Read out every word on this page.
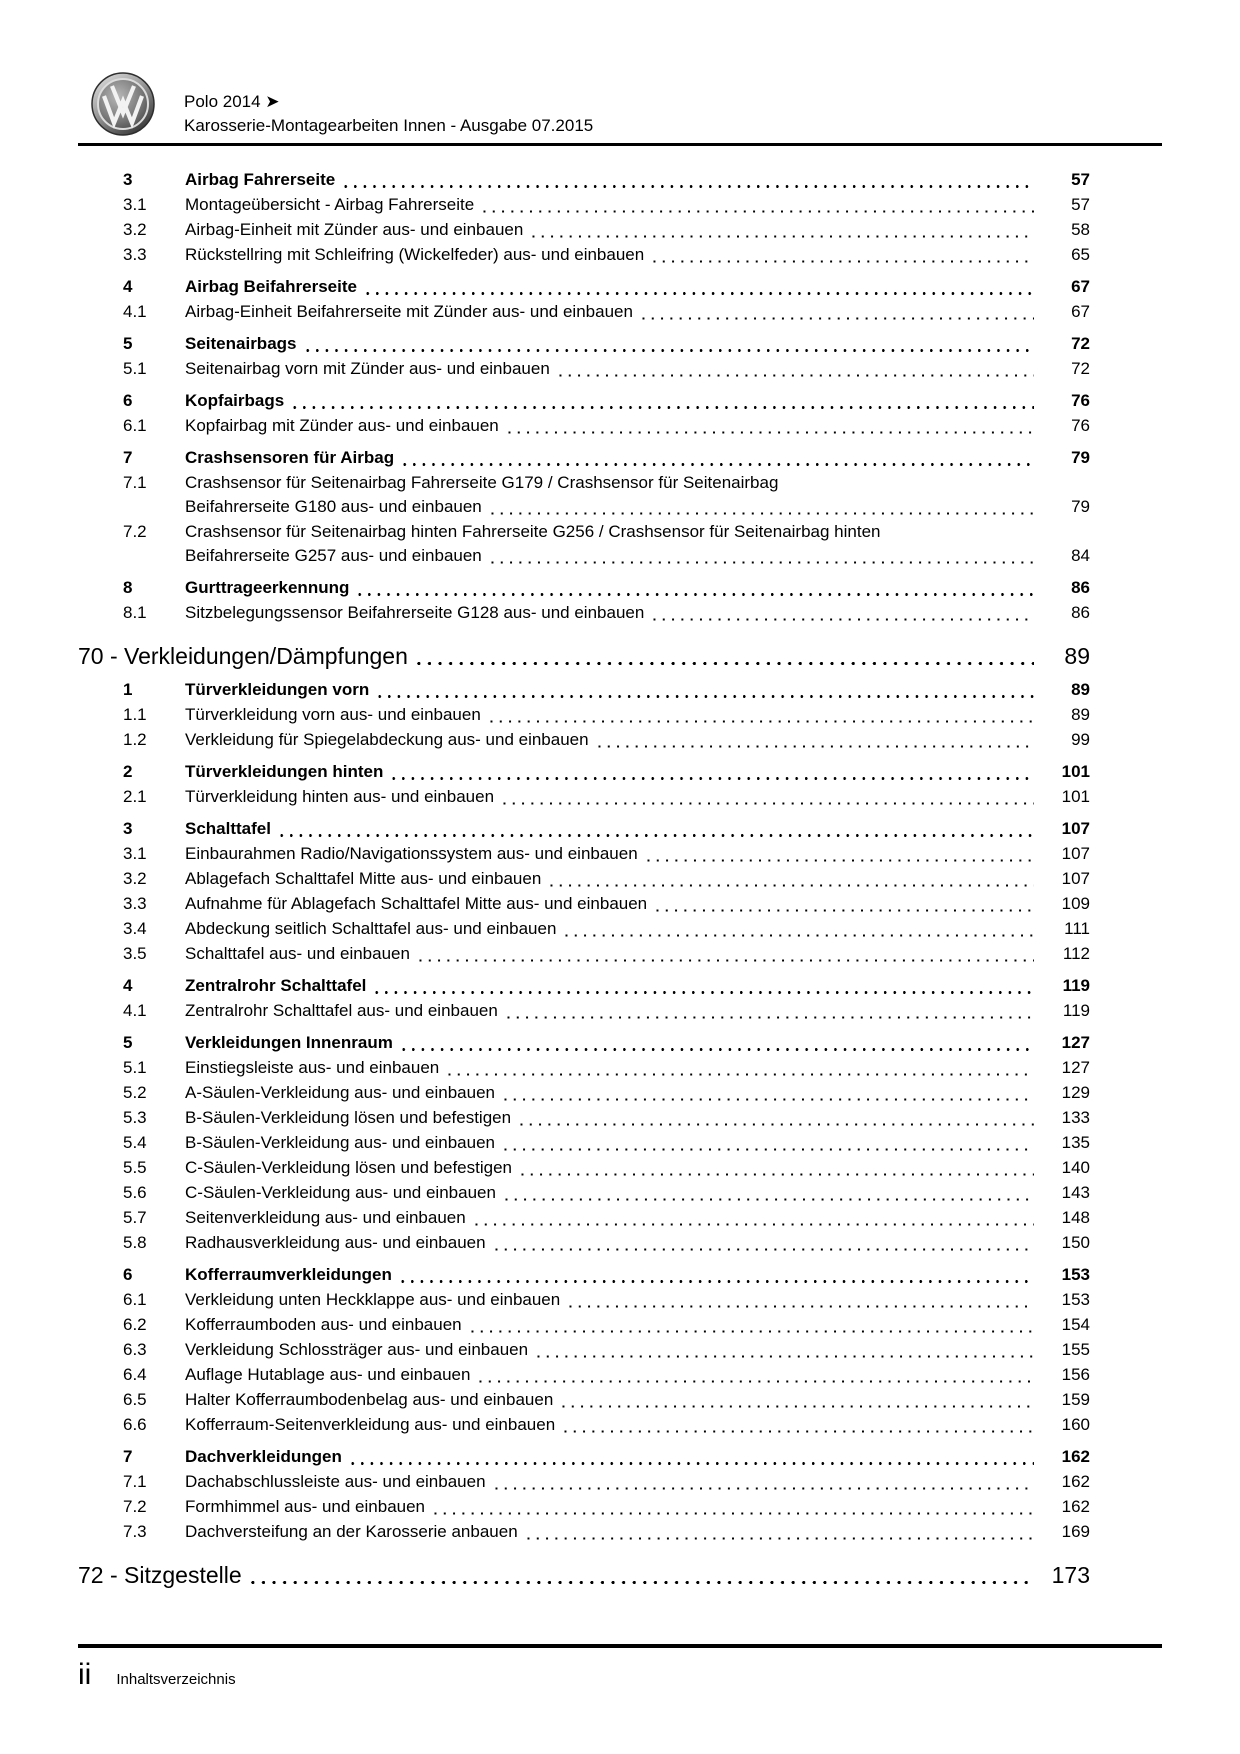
Polo 2014 ➤
Karosserie-Montagearbeiten Innen - Ausgabe 07.2015
3	Airbag Fahrerseite	57
3.1	Montageübersicht - Airbag Fahrerseite	57
3.2	Airbag-Einheit mit Zünder aus- und einbauen	58
3.3	Rückstellring mit Schleifring (Wickelfeder) aus- und einbauen	65
4	Airbag Beifahrerseite	67
4.1	Airbag-Einheit Beifahrerseite mit Zünder aus- und einbauen	67
5	Seitenairbags	72
5.1	Seitenairbag vorn mit Zünder aus- und einbauen	72
6	Kopfairbags	76
6.1	Kopfairbag mit Zünder aus- und einbauen	76
7	Crashsensoren für Airbag	79
7.1	Crashsensor für Seitenairbag Fahrerseite G179 / Crashsensor für Seitenairbag
Beifahrerseite G180 aus- und einbauen	79
7.2	Crashsensor für Seitenairbag hinten Fahrerseite G256 / Crashsensor für Seitenairbag hinten
Beifahrerseite G257 aus- und einbauen	84
8	Gurttrageerkennung	86
8.1	Sitzbelegungssensor Beifahrerseite G128 aus- und einbauen	86
70 - Verkleidungen/Dämpfungen	89
1	Türverkleidungen vorn	89
1.1	Türverkleidung vorn aus- und einbauen	89
1.2	Verkleidung für Spiegelabdeckung aus- und einbauen	99
2	Türverkleidungen hinten	101
2.1	Türverkleidung hinten aus- und einbauen	101
3	Schalttafel	107
3.1	Einbaurahmen Radio/Navigationssystem aus- und einbauen	107
3.2	Ablagefach Schalttafel Mitte aus- und einbauen	107
3.3	Aufnahme für Ablagefach Schalttafel Mitte aus- und einbauen	109
3.4	Abdeckung seitlich Schalttafel aus- und einbauen	111
3.5	Schalttafel aus- und einbauen	112
4	Zentralrohr Schalttafel	119
4.1	Zentralrohr Schalttafel aus- und einbauen	119
5	Verkleidungen Innenraum	127
5.1	Einstiegsleiste aus- und einbauen	127
5.2	A-Säulen-Verkleidung aus- und einbauen	129
5.3	B-Säulen-Verkleidung lösen und befestigen	133
5.4	B-Säulen-Verkleidung aus- und einbauen	135
5.5	C-Säulen-Verkleidung lösen und befestigen	140
5.6	C-Säulen-Verkleidung aus- und einbauen	143
5.7	Seitenverkleidung aus- und einbauen	148
5.8	Radhausverkleidung aus- und einbauen	150
6	Kofferraumverkleidungen	153
6.1	Verkleidung unten Heckklappe aus- und einbauen	153
6.2	Kofferraumboden aus- und einbauen	154
6.3	Verkleidung Schlossträger aus- und einbauen	155
6.4	Auflage Hutablage aus- und einbauen	156
6.5	Halter Kofferraumbodenbelag aus- und einbauen	159
6.6	Kofferraum-Seitenverkleidung aus- und einbauen	160
7	Dachverkleidungen	162
7.1	Dachabschlussleiste aus- und einbauen	162
7.2	Formhimmel aus- und einbauen	162
7.3	Dachversteifung an der Karosserie anbauen	169
72 - Sitzgestelle	173
ii Inhaltsverzeichnis
